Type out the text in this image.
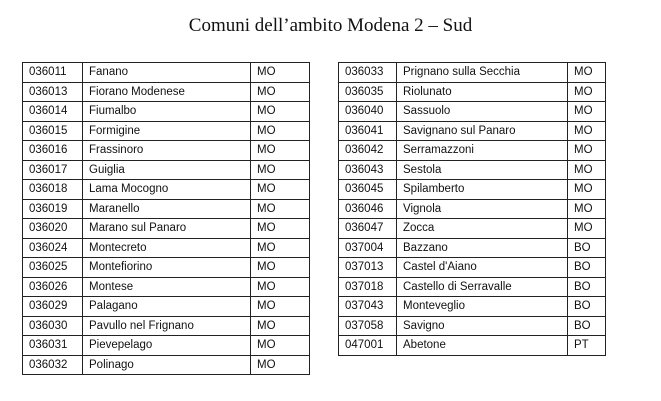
Comuni dell’ambito Modena 2 – Sud
036011	Fanano	MO
036013	Fiorano Modenese	MO
036014	Fiumalbo	MO
036015	Formigine	MO
036016	Frassinoro	MO
036017	Guiglia	MO
036018	Lama Mocogno	MO
036019	Maranello	MO
036020	Marano sul Panaro	MO
036024	Montecreto	MO
036025	Montefiorino	MO
036026	Montese	MO
036029	Palagano	MO
036030	Pavullo nel Frignano	MO
036031	Pievepelago	MO
036032	Polinago	MO
036033	Prignano sulla Secchia	MO
036035	Riolunato	MO
036040	Sassuolo	MO
036041	Savignano sul Panaro	MO
036042	Serramazzoni	MO
036043	Sestola	MO
036045	Spilamberto	MO
036046	Vignola	MO
036047	Zocca	MO
037004	Bazzano	BO
037013	Castel d'Aiano	BO
037018	Castello di Serravalle	BO
037043	Monteveglio	BO
037058	Savigno	BO
047001	Abetone	PT
